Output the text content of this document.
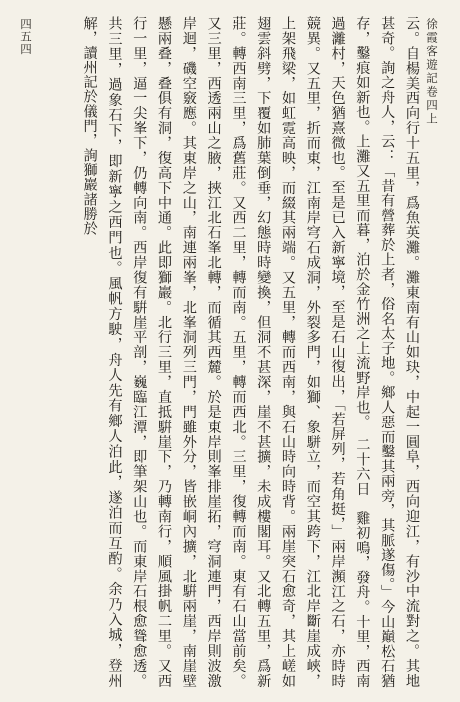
徐霞客遊記卷四上

云。自楊美西向行十五里，爲魚英灘。灘東南有山如玦，中起一圓阜，西向迎江，有沙中流對之。其地甚奇。詢之舟人，云：「昔有營葬於上者，俗名太子地。鄉人惡而鑿其兩旁，其脈遂傷。」今山巔松石猶存，鑿痕如新也。上灘又五里而暮，泊於金竹洲之上流野岸也。　二十六日　雞初鳴，發舟。十里，西南過灕村，天色猶熹微也。至是已入新寧境，至是石山復出，「若屏列，若角挺，」兩岸瀕江之石，亦時時競異。又五里，折而東，江南岸穹石成洞，外裂多門，如獅、象駢立，而空其跨下，江北岸斷崖成峽，上架飛梁，如虹霓高映，而綴其兩端。又五里，轉而西南，與石山時向時背。兩崖突石愈奇，其上嵯如翅雲斜劈，下覆如肺葉倒垂，幻態時時變換，但洞不甚深，崖不甚擴，未成樓閣耳。又北轉五里，爲新莊。轉西南三里，爲舊莊。又西二里，轉而南。五里，轉而西北。三里，復轉而南。東有石山當前矣。又三里，西透兩山之腋，挾江北石峯北轉，而循其西麓。於是東岸則峯排崖拓，穹洞連門，西岸則波激岸迴，磯空竅應。其東岸之山，南連兩峯，北峯洞列三門，門雖外分，皆嵌峒內擴，北騈兩崖，南崖壁懸兩叠，叠俱有洞，復高下中通。此即獅巖。北行三里，直抵騈崖下，乃轉南行，順風掛帆二里。又西行一里，逼一尖峯下，仍轉向南。西岸復有騈崖平剖，巍臨江潭，即筆架山也。而東岸石根愈聳愈透。共三里，過象石下，即新寧之西門也。風帆方駛，舟人先有鄉人泊此，遂泊而互酌。余乃入城，登州解，讀州記於儀門，詢獅巖諸勝於

四五四
